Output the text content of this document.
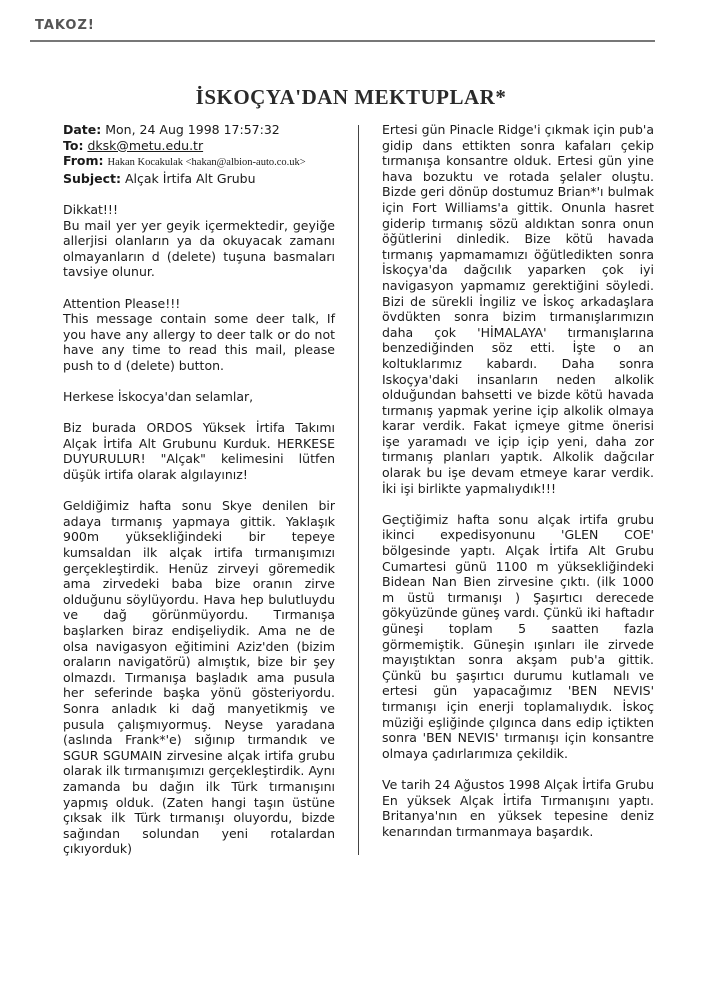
TAKOZ!
İSKOÇYA'DAN MEKTUPLAR*
Date: Mon, 24 Aug 1998 17:57:32
To: dksk@metu.edu.tr
From: Hakan Kocakulak <hakan@albion-auto.co.uk>
Subject: Alçak İrtifa Alt Grubu

Dikkat!!!
Bu mail yer yer geyik içermektedir, geyiğe allerjisi olanların ya da okuyacak zamanı olmayanların d (delete) tuşuna basmaları tavsiye olunur.

Attention Please!!!
This message contain some deer talk, If you have any allergy to deer talk or do not have any time to read this mail, please push to d (delete) button.

Herkese İskocya'dan selamlar,

Biz burada ORDOS Yüksek İrtifa Takımı Alçak İrtifa Alt Grubunu Kurduk. HERKESE DUYURULUR! "Alçak" kelimesini lütfen düşük irtifa olarak algılayınız!

Geldiğimiz hafta sonu Skye denilen bir adaya tırmanış yapmaya gittik. Yaklaşık 900m yüksekliğindeki bir tepeye kumsaldan ilk alçak irtifa tırmanışımızı gerçekleştirdik. Henüz zirveyi göremedik ama zirvedeki baba bize oranın zirve olduğunu söylüyordu. Hava hep bulutluydu ve dağ görünmüyordu. Tırmanışa başlarken biraz endişeliydik. Ama ne de olsa navigasyon eğitimini Aziz'den (bizim oraların navigatörü) almıştık, bize bir şey olmazdı. Tırmanışa başladık ama pusula her seferinde başka yönü gösteriyordu. Sonra anladık ki dağ manyetikmiş ve pusula çalışmıyormuş. Neyse yaradana (aslında Frank*'e) sığınıp tırmandık ve SGUR SGUMAIN zirvesine alçak irtifa grubu olarak ilk tırmanışımızı gerçekleştirdik. Aynı zamanda bu dağın ilk Türk tırmanışını yapmış olduk. (Zaten hangi taşın üstüne çıksak ilk Türk tırmanışı oluyordu, bizde sağından solundan yeni rotalardan çıkıyorduk)

Ertesi gün Pinacle Ridge'i çıkmak için pub'a gidip dans ettikten sonra kafaları çekip tırmanışa konsantre olduk. Ertesi gün yine hava bozuktu ve rotada şelaler oluştu. Bizde geri dönüp dostumuz Brian*'ı bulmak için Fort Williams'a gittik. Onunla hasret giderip tırmanış sözü aldıktan sonra onun öğütlerini dinledik. Bize kötü havada tırmanış yapmamamızı öğütledikten sonra İskoçya'da dağcılık yaparken çok iyi navigasyon yapmamız gerektiğini söyledi. Bizi de sürekli İngiliz ve İskoç arkadaşlara övdükten sonra bizim tırmanışlarımızın daha çok 'HİMALAYA' tırmanışlarına benzediğinden söz etti. İşte o an koltuklarımız kabardı. Daha sonra Iskoçya'daki insanların neden alkolik olduğundan bahsetti ve bizde kötü havada tırmanış yapmak yerine içip alkolik olmaya karar verdik. Fakat içmeye gitme önerisi işe yaramadı ve içip içip yeni, daha zor tırmanış planları yaptık. Alkolik dağcılar olarak bu işe devam etmeye karar verdik. İki işi birlikte yapmalıydık!!!

Geçtiğimiz hafta sonu alçak irtifa grubu ikinci expedisyonunu 'GLEN COE' bölgesinde yaptı. Alçak İrtifa Alt Grubu Cumartesi günü 1100 m yüksekliğindeki Bidean Nan Bien zirvesine çıktı. (ilk 1000 m üstü tırmanışı ) Şaşırtıcı derecede gökyüzünde güneş vardı. Çünkü iki haftadır güneşi toplam 5 saatten fazla görmemiştik. Güneşin ışınları ile zirvede mayıştıktan sonra akşam pub'a gittik. Çünkü bu şaşırtıcı durumu kutlamalı ve ertesi gün yapacağımız 'BEN NEVIS' tırmanışı için enerji toplamalıydık. İskoç müziği eşliğinde çılgınca dans edip içtikten sonra 'BEN NEVIS' tırmanışı için konsantre olmaya çadırlarımıza çekildik.

Ve tarih 24 Ağustos 1998 Alçak İrtifa Grubu En yüksek Alçak İrtifa Tırmanışını yaptı. Britanya'nın en yüksek tepesine deniz kenarından tırmanmaya başardık.
